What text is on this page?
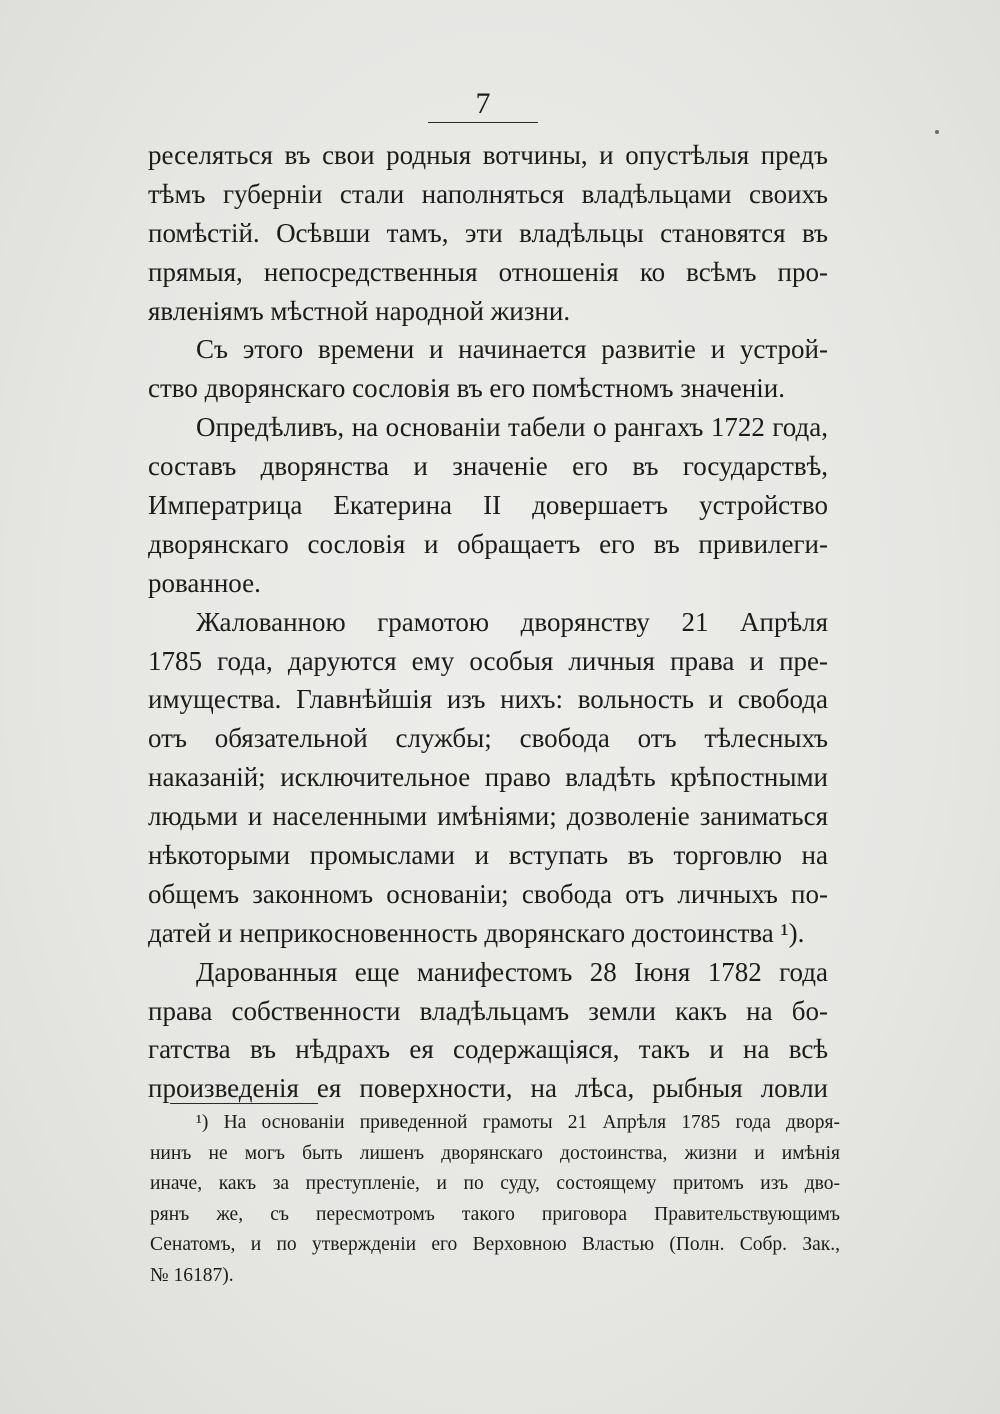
7
реселяться въ свои родныя вотчины, и опустѣлыя предъ
тѣмъ губерніи стали наполняться владѣльцами своихъ
помѣстій. Осѣвши тамъ, эти владѣльцы становятся въ
прямыя, непосредственныя отношенія ко всѣмъ про-
явленіямъ мѣстной народной жизни.
Съ этого времени и начинается развитіе и устрой-
ство дворянскаго сословія въ его помѣстномъ значеніи.
Опредѣливъ, на основаніи табели о рангахъ 1722 года,
составъ дворянства и значеніе его въ государствѣ,
Императрица Екатерина II довершаетъ устройство
дворянскаго сословія и обращаетъ его въ привилеги-
рованное.
Жалованною грамотою дворянству 21 Апрѣля
1785 года, даруются ему особыя личныя права и пре-
имущества. Главнѣйшія изъ нихъ: вольность и свобода
отъ обязательной службы; свобода отъ тѣлесныхъ
наказаній; исключительное право владѣть крѣпостными
людьми и населенными имѣніями; дозволеніе заниматься
нѣкоторыми промыслами и вступать въ торговлю на
общемъ законномъ основаніи; свобода отъ личныхъ по-
датей и неприкосновенность дворянскаго достоинства ¹).
Дарованныя еще манифестомъ 28 Іюня 1782 года
права собственности владѣльцамъ земли какъ на бо-
гатства въ нѣдрахъ ея содержащіяся, такъ и на всѣ
произведенія ея поверхности, на лѣса, рыбныя ловли
¹) На основаніи приведенной грамоты 21 Апрѣля 1785 года дворя-
нинъ не могъ быть лишенъ дворянскаго достоинства, жизни и имѣнія
иначе, какъ за преступленіе, и по суду, состоящему притомъ изъ дво-
рянъ же, съ пересмотромъ такого приговора Правительствующимъ
Сенатомъ, и по утвержденіи его Верховною Властью (Полн. Собр. Зак.,
№ 16187).
